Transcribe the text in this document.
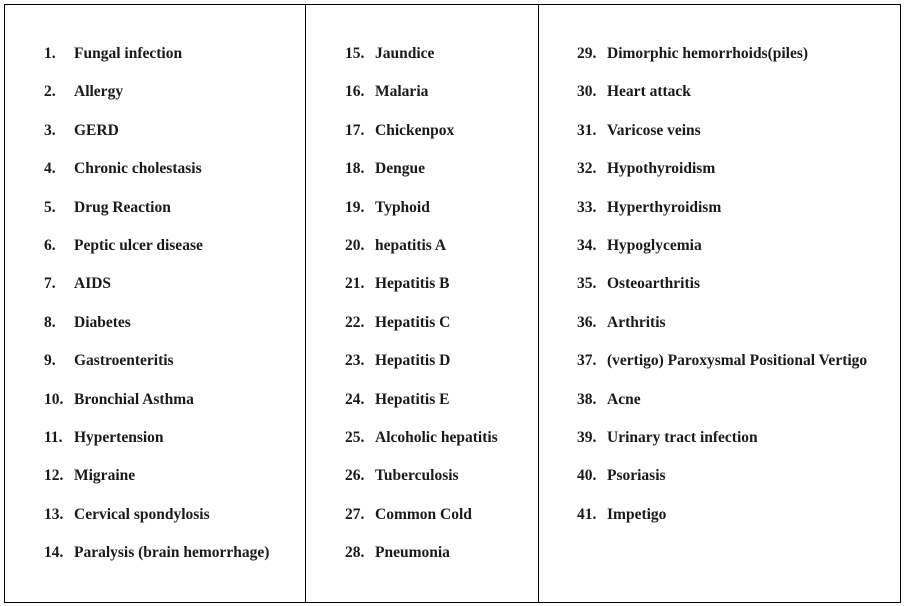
1. Fungal infection
2. Allergy
3. GERD
4. Chronic cholestasis
5. Drug Reaction
6. Peptic ulcer disease
7. AIDS
8. Diabetes
9. Gastroenteritis
10. Bronchial Asthma
11. Hypertension
12. Migraine
13. Cervical spondylosis
14. Paralysis (brain hemorrhage)
15. Jaundice
16. Malaria
17. Chickenpox
18. Dengue
19. Typhoid
20. hepatitis A
21. Hepatitis B
22. Hepatitis C
23. Hepatitis D
24. Hepatitis E
25. Alcoholic hepatitis
26. Tuberculosis
27. Common Cold
28. Pneumonia
29. Dimorphic hemorrhoids(piles)
30. Heart attack
31. Varicose veins
32. Hypothyroidism
33. Hyperthyroidism
34. Hypoglycemia
35. Osteoarthritis
36. Arthritis
37. (vertigo) Paroxysmal Positional Vertigo
38. Acne
39. Urinary tract infection
40. Psoriasis
41. Impetigo
